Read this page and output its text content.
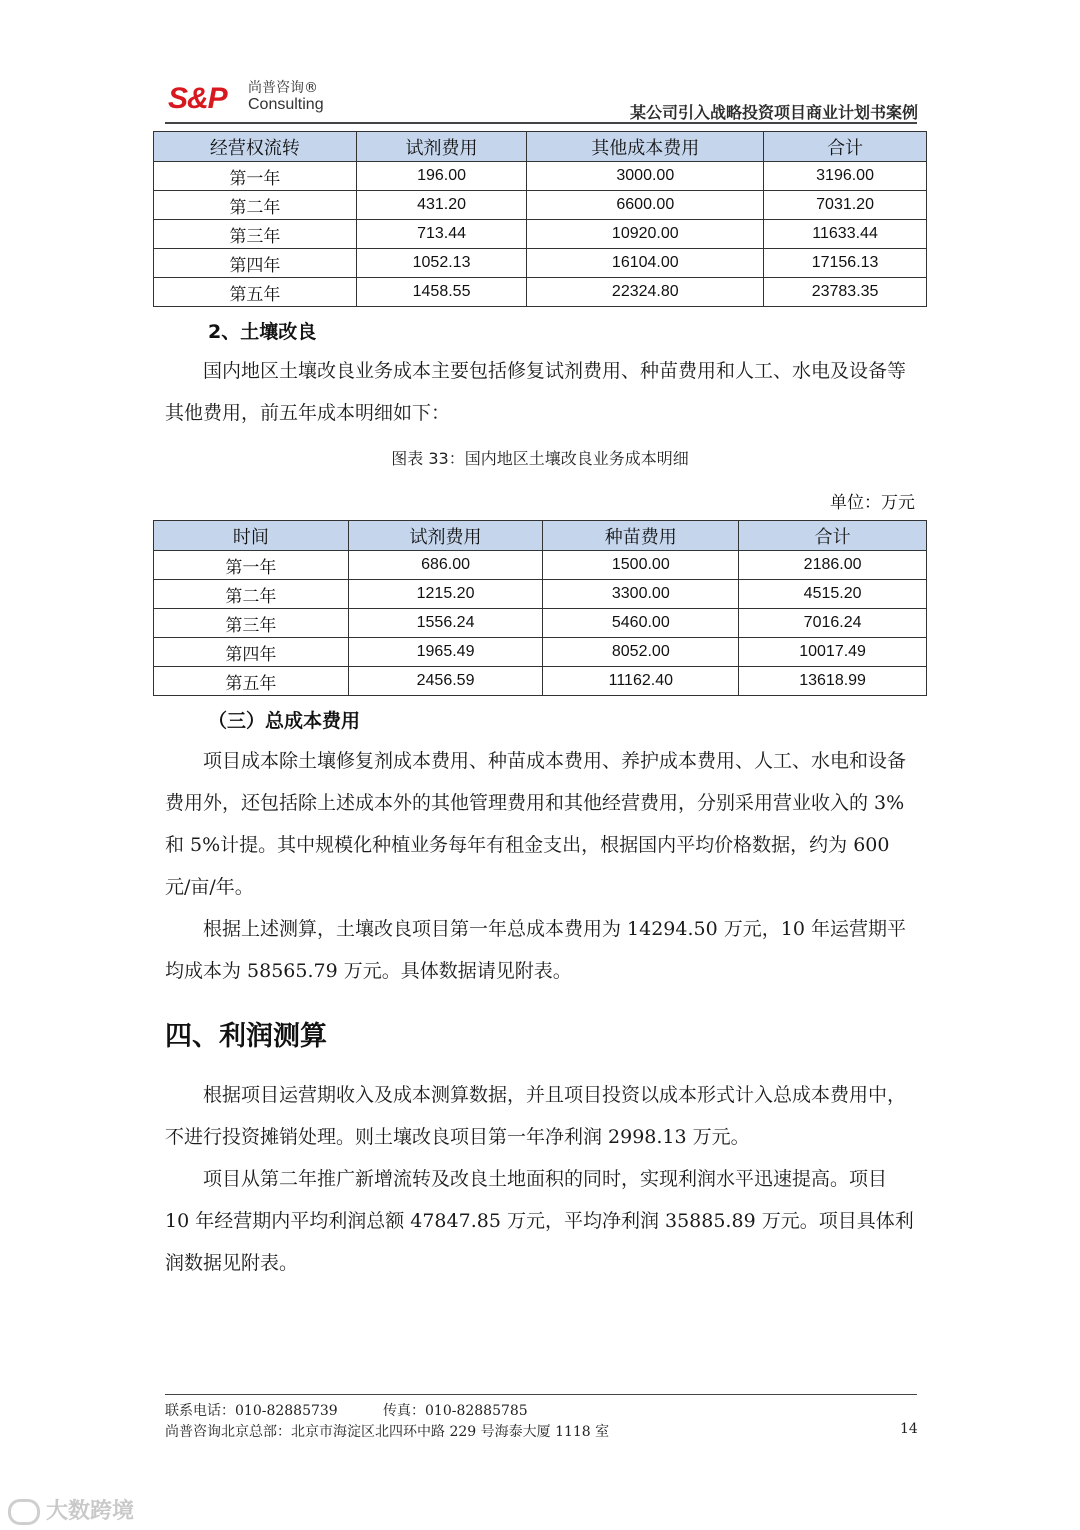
S&P 尚普咨询®
Consulting	某公司引入战略投资项目商业计划书案例
经营权流转	试剂费用	其他成本费用	合计
第一年	196.00	3000.00	3196.00
第二年	431.20	6600.00	7031.20
第三年	713.44	10920.00	11633.44
第四年	1052.13	16104.00	17156.13
第五年	1458.55	22324.80	23783.35
2、土壤改良

国内地区土壤改良业务成本主要包括修复试剂费用、种苗费用和人工、水电及设备等其他费用，前五年成本明细如下：

图表 33：国内地区土壤改良业务成本明细
单位：万元
时间	试剂费用	种苗费用	合计
第一年	686.00	1500.00	2186.00
第二年	1215.20	3300.00	4515.20
第三年	1556.24	5460.00	7016.24
第四年	1965.49	8052.00	10017.49
第五年	2456.59	11162.40	13618.99
（三）总成本费用

项目成本除土壤修复剂成本费用、种苗成本费用、养护成本费用、人工、水电和设备费用外，还包括除上述成本外的其他管理费用和其他经营费用，分别采用营业收入的 3%和 5%计提。其中规模化种植业务每年有租金支出，根据国内平均价格数据，约为 600 元/亩/年。

根据上述测算，土壤改良项目第一年总成本费用为 14294.50 万元，10 年运营期平均成本为 58565.79 万元。具体数据请见附表。

四、利润测算

根据项目运营期收入及成本测算数据，并且项目投资以成本形式计入总成本费用中，不进行投资摊销处理。则土壤改良项目第一年净利润 2998.13 万元。

项目从第二年推广新增流转及改良土地面积的同时，实现利润水平迅速提高。项目 10 年经营期内平均利润总额 47847.85 万元，平均净利润 35885.89 万元。项目具体利润数据见附表。

联系电话：010-82885739	传真：010-82885785
尚普咨询北京总部：北京市海淀区北四环中路 229 号海泰大厦 1118 室	14
大数跨境
